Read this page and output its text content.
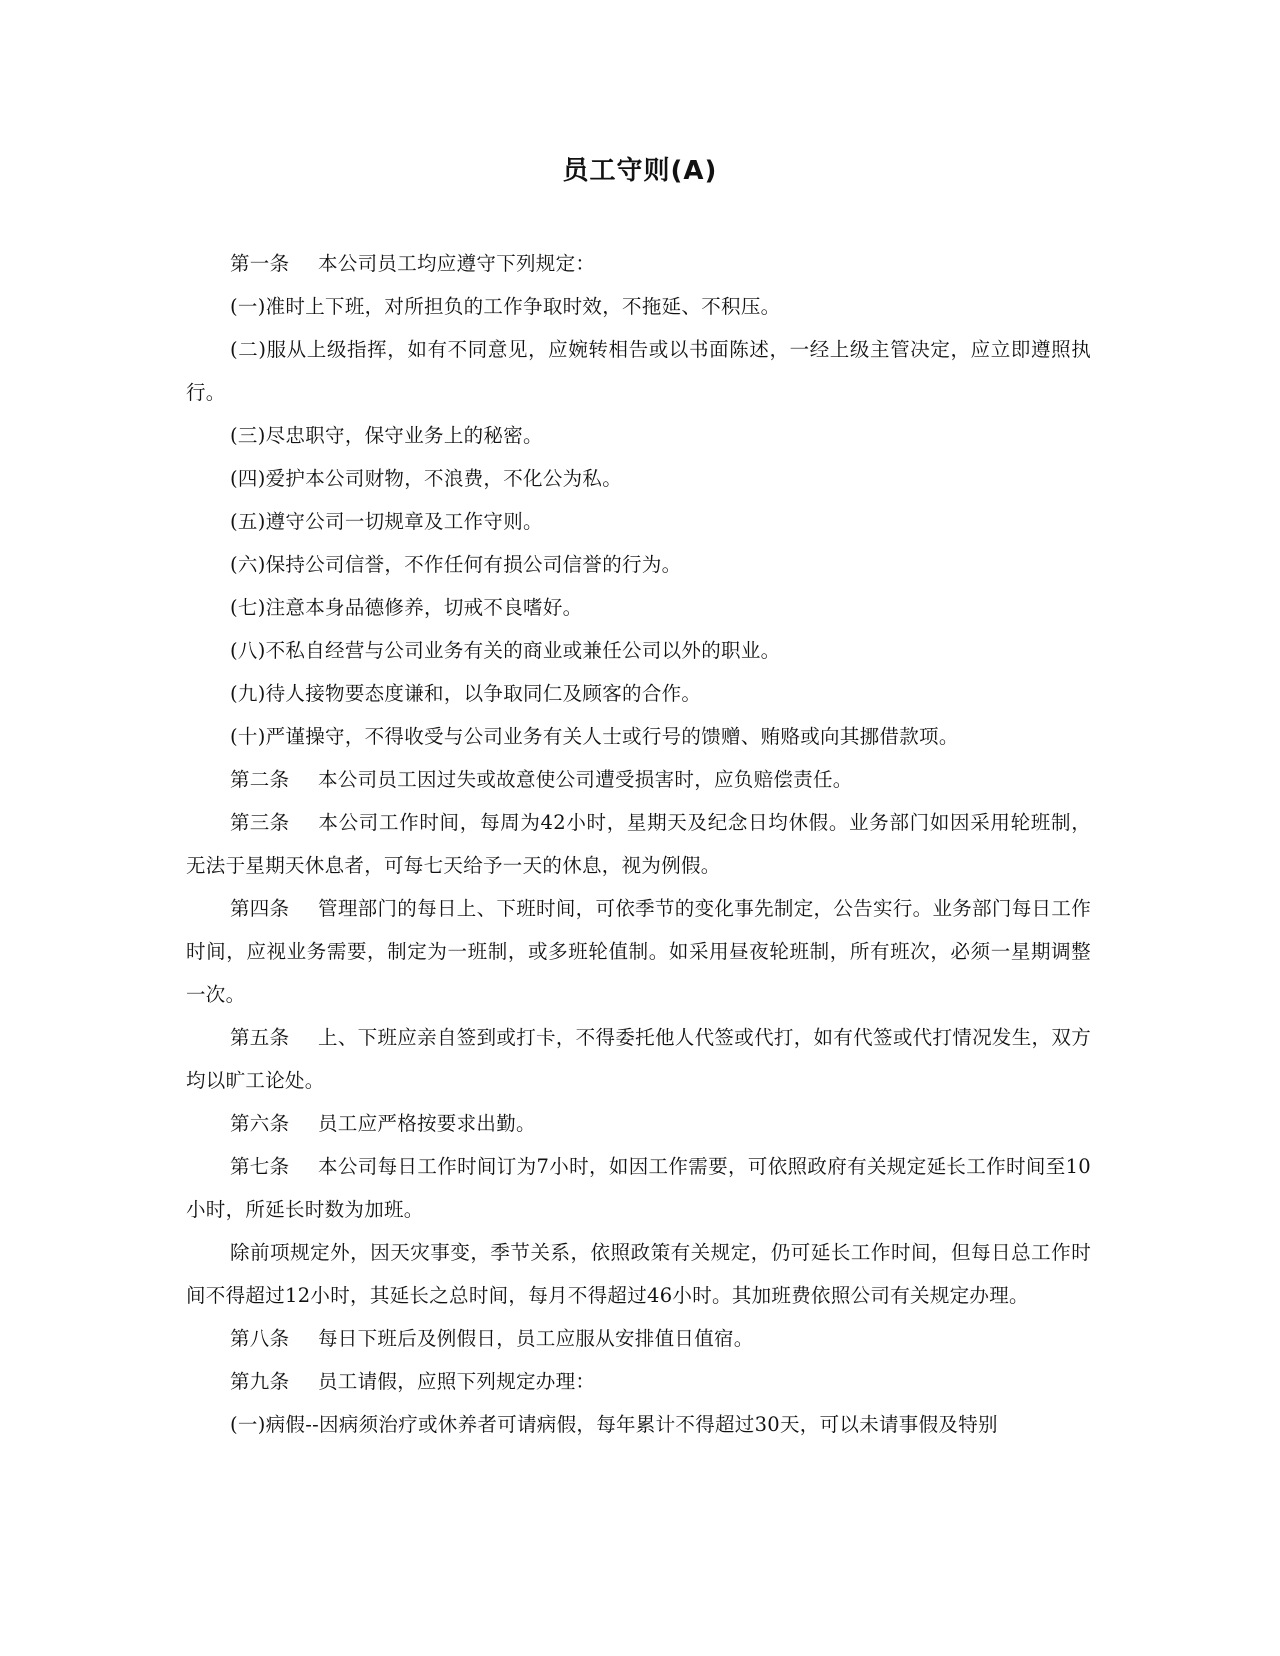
员工守则(A)

第一条 本公司员工均应遵守下列规定：

(一)准时上下班，对所担负的工作争取时效，不拖延、不积压。

(二)服从上级指挥，如有不同意见，应婉转相告或以书面陈述，一经上级主管决定，应立即遵照执行。

(三)尽忠职守，保守业务上的秘密。

(四)爱护本公司财物，不浪费，不化公为私。

(五)遵守公司一切规章及工作守则。

(六)保持公司信誉，不作任何有损公司信誉的行为。

(七)注意本身品德修养，切戒不良嗜好。

(八)不私自经营与公司业务有关的商业或兼任公司以外的职业。

(九)待人接物要态度谦和，以争取同仁及顾客的合作。

(十)严谨操守，不得收受与公司业务有关人士或行号的馈赠、贿赂或向其挪借款项。

第二条 本公司员工因过失或故意使公司遭受损害时，应负赔偿责任。

第三条 本公司工作时间，每周为42小时，星期天及纪念日均休假。业务部门如因采用轮班制，无法于星期天休息者，可每七天给予一天的休息，视为例假。

第四条 管理部门的每日上、下班时间，可依季节的变化事先制定，公告实行。业务部门每日工作时间，应视业务需要，制定为一班制，或多班轮值制。如采用昼夜轮班制，所有班次，必须一星期调整一次。

第五条 上、下班应亲自签到或打卡，不得委托他人代签或代打，如有代签或代打情况发生，双方均以旷工论处。

第六条 员工应严格按要求出勤。

第七条 本公司每日工作时间订为7小时，如因工作需要，可依照政府有关规定延长工作时间至10小时，所延长时数为加班。

除前项规定外，因天灾事变，季节关系，依照政策有关规定，仍可延长工作时间，但每日总工作时间不得超过12小时，其延长之总时间，每月不得超过46小时。其加班费依照公司有关规定办理。

第八条 每日下班后及例假日，员工应服从安排值日值宿。

第九条 员工请假，应照下列规定办理：

(一)病假--因病须治疗或休养者可请病假，每年累计不得超过30天，可以未请事假及特别
